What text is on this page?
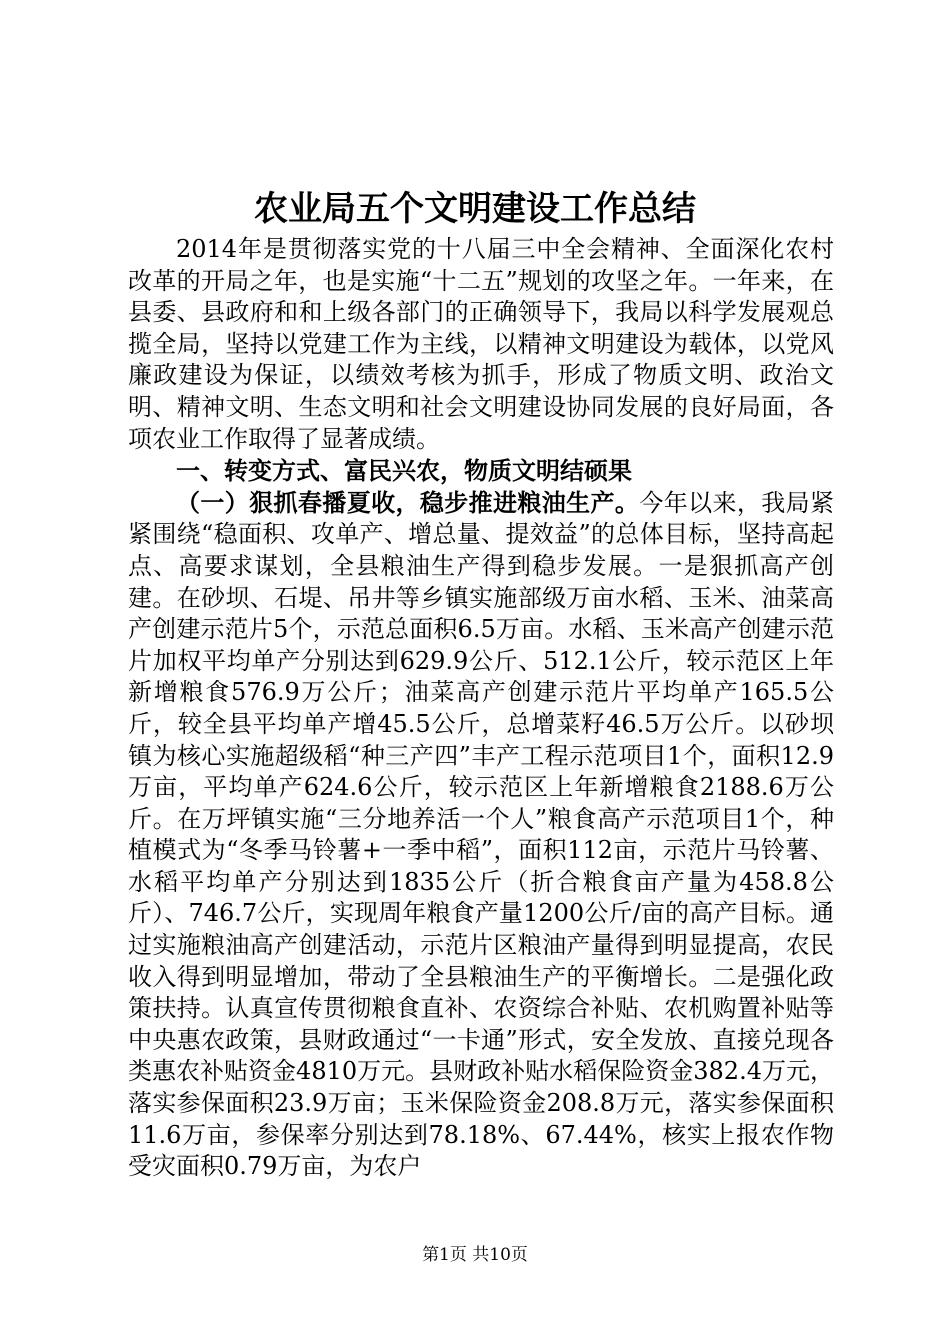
农业局五个文明建设工作总结

2014年是贯彻落实党的十八届三中全会精神、全面深化农村改革的开局之年，也是实施“十二五”规划的攻坚之年。一年来，在县委、县政府和和上级各部门的正确领导下，我局以科学发展观总揽全局，坚持以党建工作为主线，以精神文明建设为载体，以党风廉政建设为保证，以绩效考核为抓手，形成了物质文明、政治文明、精神文明、生态文明和社会文明建设协同发展的良好局面，各项农业工作取得了显著成绩。

一、转变方式、富民兴农，物质文明结硕果

（一）狠抓春播夏收，稳步推进粮油生产。今年以来，我局紧紧围绕“稳面积、攻单产、增总量、提效益”的总体目标，坚持高起点、高要求谋划，全县粮油生产得到稳步发展。一是狠抓高产创建。在砂坝、石堤、吊井等乡镇实施部级万亩水稻、玉米、油菜高产创建示范片5个，示范总面积6.5万亩。水稻、玉米高产创建示范片加权平均单产分别达到629.9公斤、512.1公斤，较示范区上年新增粮食576.9万公斤；油菜高产创建示范片平均单产165.5公斤，较全县平均单产增45.5公斤，总增菜籽46.5万公斤。以砂坝镇为核心实施超级稻“种三产四”丰产工程示范项目1个，面积12.9万亩，平均单产624.6公斤，较示范区上年新增粮食2188.6万公斤。在万坪镇实施“三分地养活一个人”粮食高产示范项目1个，种植模式为“冬季马铃薯+一季中稻”，面积112亩，示范片马铃薯、水稻平均单产分别达到1835公斤（折合粮食亩产量为458.8公斤）、746.7公斤，实现周年粮食产量1200公斤/亩的高产目标。通过实施粮油高产创建活动，示范片区粮油产量得到明显提高，农民收入得到明显增加，带动了全县粮油生产的平衡增长。二是强化政策扶持。认真宣传贯彻粮食直补、农资综合补贴、农机购置补贴等中央惠农政策，县财政通过“一卡通”形式，安全发放、直接兑现各类惠农补贴资金4810万元。县财政补贴水稻保险资金382.4万元，落实参保面积23.9万亩；玉米保险资金208.8万元，落实参保面积11.6万亩，参保率分别达到78.18%、67.44%，核实上报农作物受灾面积0.79万亩，为农户

第1页 共10页
